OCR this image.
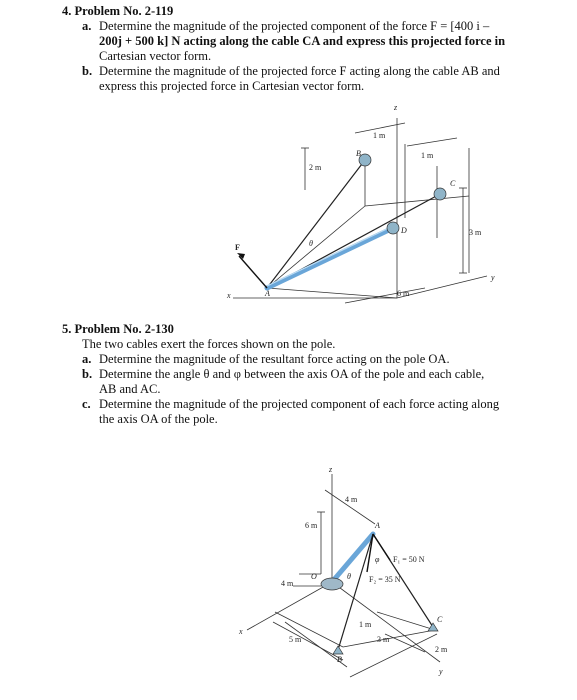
4. Problem No. 2-119
a. Determine the magnitude of the projected component of the force F = [400 i –
200j + 500 k] N acting along the cable CA and express this projected force in
Cartesian vector form.
b. Determine the magnitude of the projected force F acting along the cable AB and
express this projected force in Cartesian vector form.
z
y
x	A
B
C
D
F	θ
1 m
1 m
2 m
3 m
6 m
5. Problem No. 2-130
The two cables exert the forces shown on the pole.
a. Determine the magnitude of the resultant force acting on the pole OA.
b. Determine the angle θ and φ between the axis OA of the pole and each cable,
AB and AC.
c. Determine the magnitude of the projected component of each force acting along
the axis OA of the pole.
z
y
x
A
B
C
O	θ
φ F₁ = 50 N
F₂ = 35 N
4 m
6 m
4 m
5 m
1 m
3 m
2 m
